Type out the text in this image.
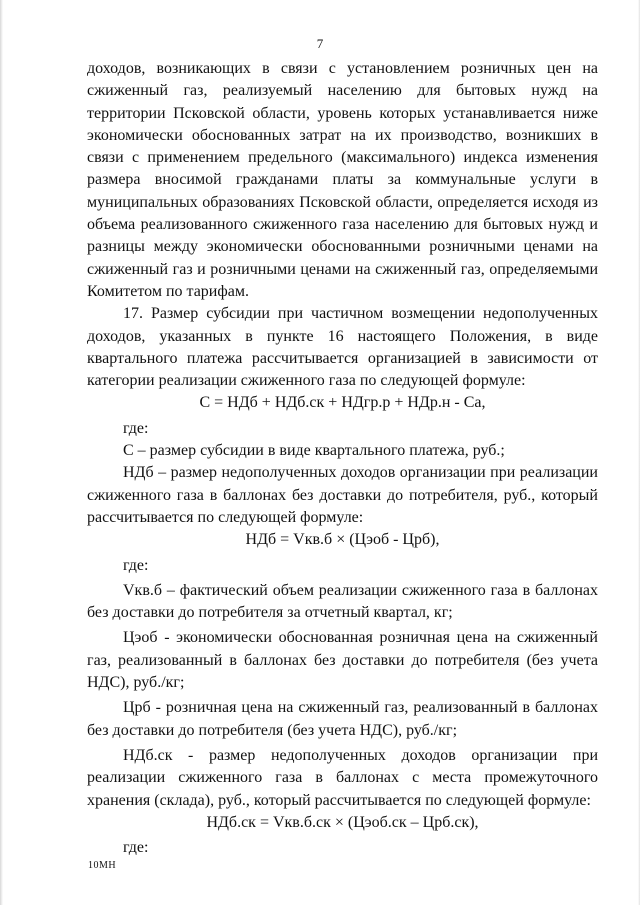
7

доходов, возникающих в связи с установлением розничных цен на сжиженный газ, реализуемый населению для бытовых нужд на территории Псковской области, уровень которых устанавливается ниже экономически обоснованных затрат на их производство, возникших в связи с применением предельного (максимального) индекса изменения размера вносимой гражданами платы за коммунальные услуги в муниципальных образованиях Псковской области, определяется исходя из объема реализованного сжиженного газа населению для бытовых нужд и разницы между экономически обоснованными розничными ценами на сжиженный газ и розничными ценами на сжиженный газ, определяемыми Комитетом по тарифам.

17. Размер субсидии при частичном возмещении недополученных доходов, указанных в пункте 16 настоящего Положения, в виде квартального платежа рассчитывается организацией в зависимости от категории реализации сжиженного газа по следующей формуле:

С = НДб + НДб.ск + НДгр.р + НДр.н - Са,

где:

С – размер субсидии в виде квартального платежа, руб.;

НДб – размер недополученных доходов организации при реализации сжиженного газа в баллонах без доставки до потребителя, руб., который рассчитывается по следующей формуле:

НДб = Vкв.б × (Цэоб - Црб),

где:

Vкв.б – фактический объем реализации сжиженного газа в баллонах без доставки до потребителя за отчетный квартал, кг;

Цэоб - экономически обоснованная розничная цена на сжиженный газ, реализованный в баллонах без доставки до потребителя (без учета НДС), руб./кг;

Црб - розничная цена на сжиженный газ, реализованный в баллонах без доставки до потребителя (без учета НДС), руб./кг;

НДб.ск - размер недополученных доходов организации при реализации сжиженного газа в баллонах с места промежуточного хранения (склада), руб., который рассчитывается по следующей формуле:

НДб.ск = Vкв.б.ск × (Цэоб.ск – Црб.ск),

где:

10МН
